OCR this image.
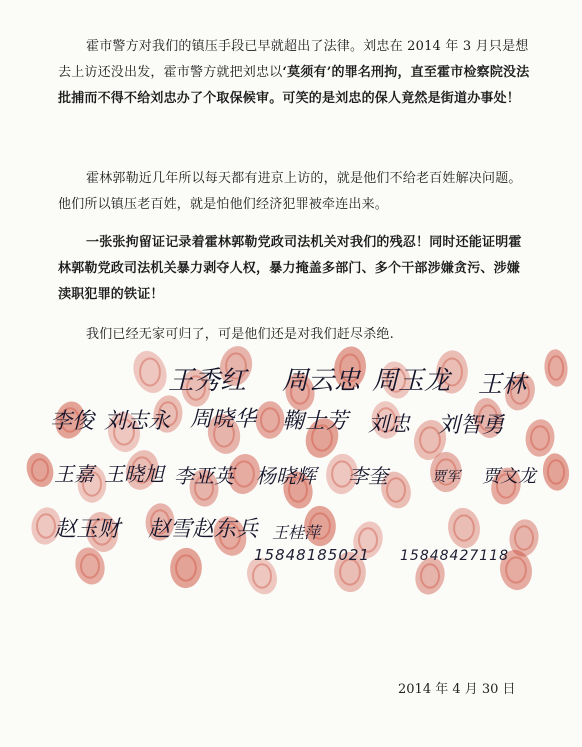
霍市警方对我们的镇压手段已早就超出了法律。刘忠在 2014 年 3 月只是想去上访还没出发，霍市警方就把刘忠以‘莫须有’的罪名刑拘，直至霍市检察院没法批捕而不得不给刘忠办了个取保候审。可笑的是刘忠的保人竟然是街道办事处！

霍林郭勒近几年所以每天都有进京上访的，就是他们不给老百姓解决问题。他们所以镇压老百姓，就是怕他们经济犯罪被牵连出来。

一张张拘留证记录着霍林郭勒党政司法机关对我们的残忍！同时还能证明霍林郭勒党政司法机关暴力剥夺人权，暴力掩盖多部门、多个干部涉嫌贪污、涉嫌渎职犯罪的铁证！

我们已经无家可归了，可是他们还是对我们赶尽杀绝.

王秀红 周云忠 周玉龙 王林
李俊 刘志永 周晓华 鞠士芳 刘忠 刘智勇
王嘉 王晓旭 李亚英 杨晓辉 李奎	贾军 贾文龙
赵玉财 赵雪 赵东兵 王桂萍
15848185021 15848427118
2014 年 4 月 30 日
